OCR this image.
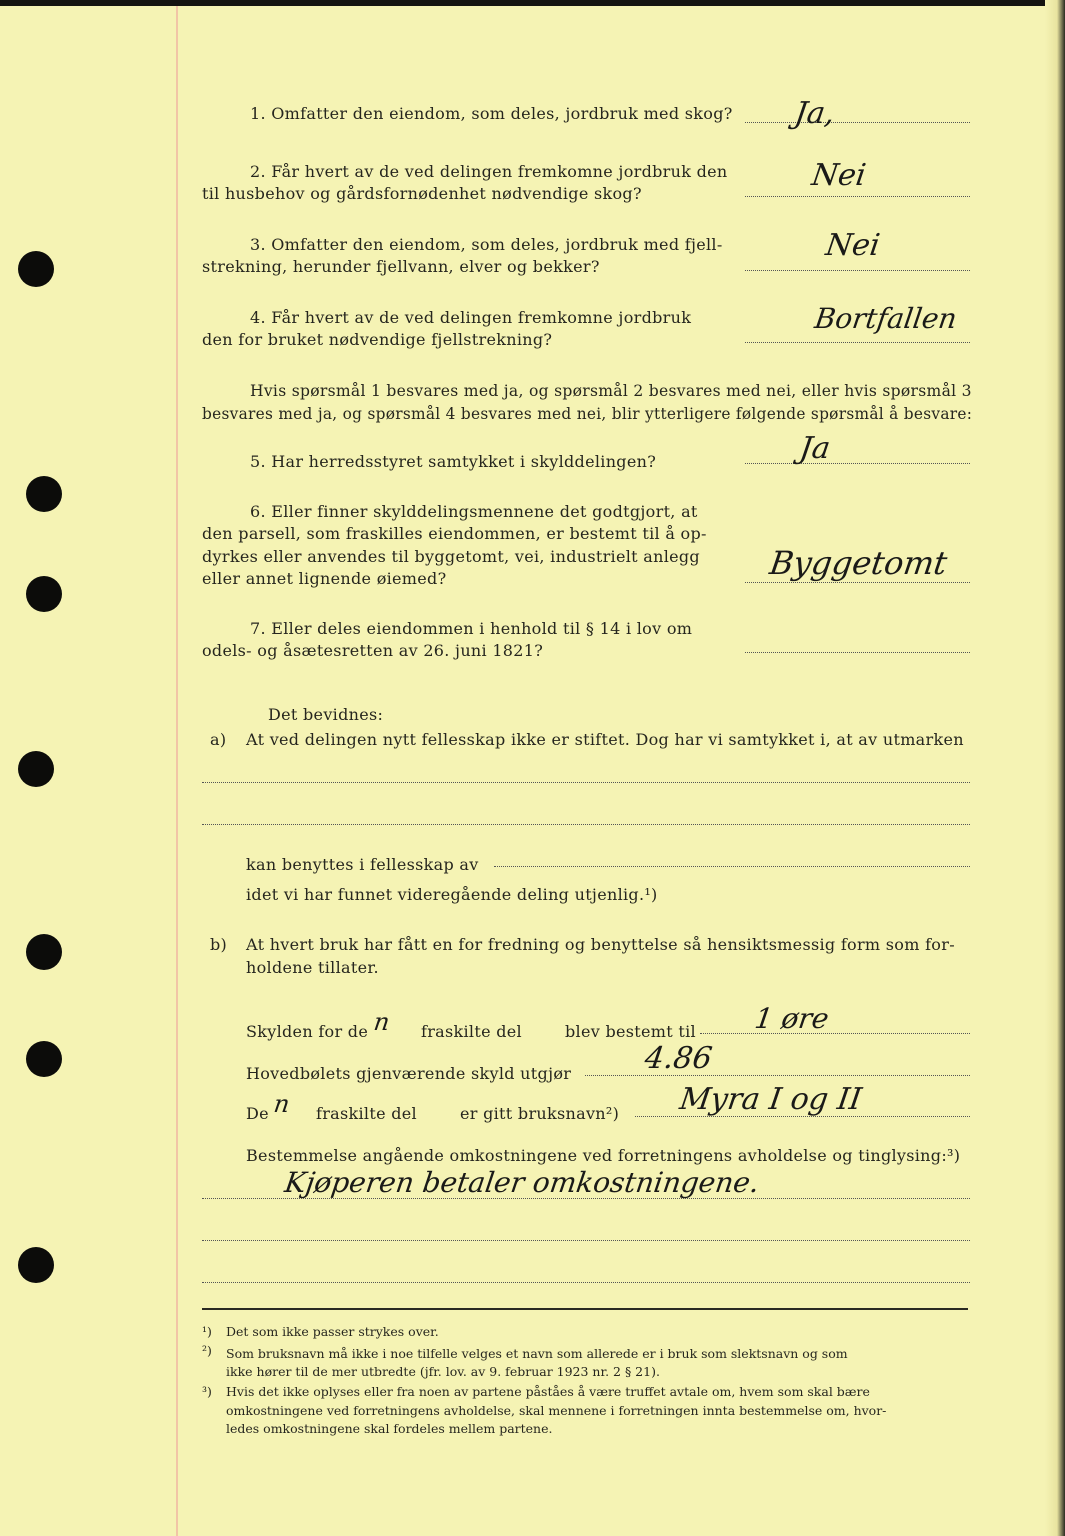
1. Omfatter den eiendom, som deles, jordbruk med skog? Ja,
2. Får hvert av de ved delingen fremkomne jordbruk den
til husbehov og gårdsfornødenhet nødvendige skog?
Nei
3. Omfatter den eiendom, som deles, jordbruk med fjell-
strekning, herunder fjellvann, elver og bekker?
Nei
4. Får hvert av de ved delingen fremkomne jordbruk
den for bruket nødvendige fjellstrekning?
Bortfallen
Hvis spørsmål 1 besvares med ja, og spørsmål 2 besvares med nei, eller hvis spørsmål 3
besvares med ja, og spørsmål 4 besvares med nei, blir ytterligere følgende spørsmål å besvare:
5. Har herredsstyret samtykket i skylddelingen?	Ja
6. Eller finner skylddelingsmennene det godtgjort, at
den parsell, som fraskilles eiendommen, er bestemt til å op-
dyrkes eller anvendes til byggetomt, vei, industrielt anlegg
eller annet lignende øiemed?	Byggetomt
7. Eller deles eiendommen i henhold til § 14 i lov om
odels- og åsætesretten av 26. juni 1821?
Det bevidnes:
a) At ved delingen nytt fellesskap ikke er stiftet. Dog har vi samtykket i, at av utmarken
kan benyttes i fellesskap av
idet vi har funnet videregående deling utjenlig.¹)
b) At hvert bruk har fått en for fredning og benyttelse så hensiktsmessig form som for-
holdene tillater.
Skylden for de n fraskilte del	blev bestemt til 1 øre
Hovedbølets gjenværende skyld utgjør 4.86
De n fraskilte del	er gitt bruksnavn²) Myra I og II
Bestemmelse angående omkostningene ved forretningens avholdelse og tinglysing:³)
Kjøperen betaler omkostningene.
¹) Det som ikke passer strykes over.
²) Som bruksnavn må ikke i noe tilfelle velges et navn som allerede er i bruk som slektsnavn og som
ikke hører til de mer utbredte (jfr. lov. av 9. februar 1923 nr. 2 § 21).
³) Hvis det ikke oplyses eller fra noen av partene påståes å være truffet avtale om, hvem som skal bære
omkostningene ved forretningens avholdelse, skal mennene i forretningen innta bestemmelse om, hvor-
ledes omkostningene skal fordeles mellem partene.
